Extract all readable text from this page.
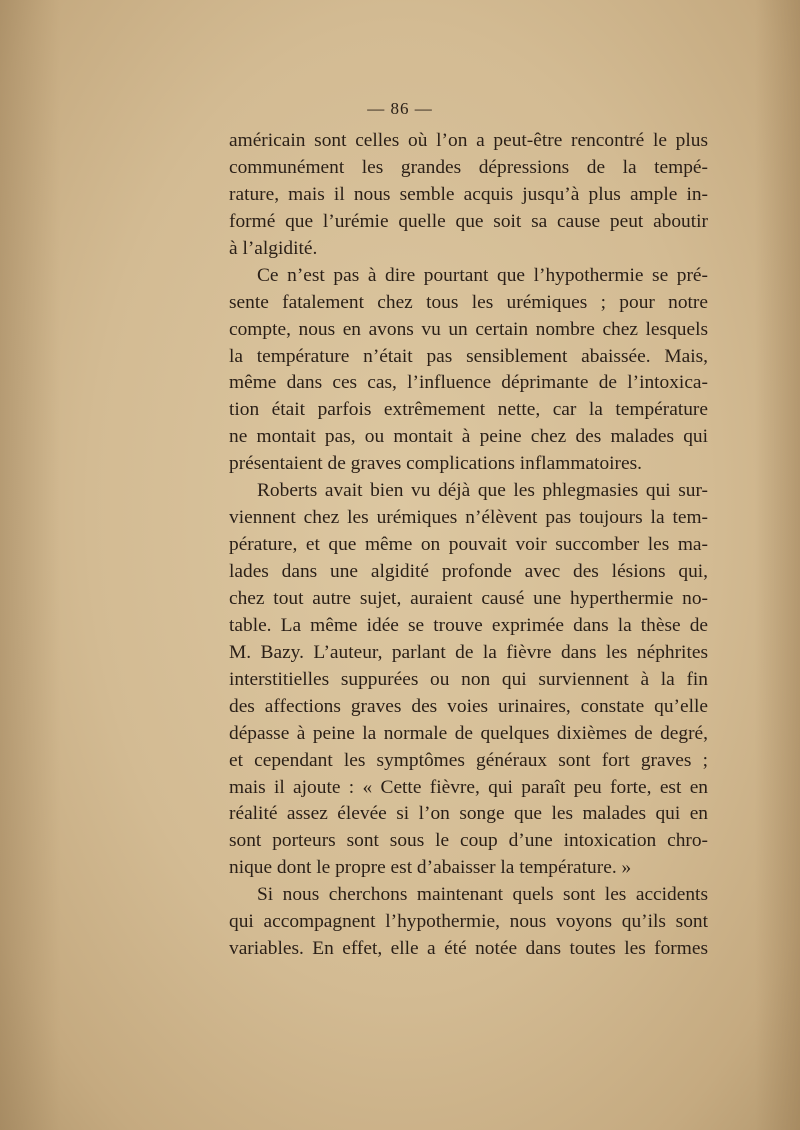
— 86 —
américain sont celles où l’on a peut-être rencontré le plus
communément les grandes dépressions de la tempé-
rature, mais il nous semble acquis jusqu’à plus ample in-
formé que l’urémie quelle que soit sa cause peut aboutir
à l’algidité.
Ce n’est pas à dire pourtant que l’hypothermie se pré-
sente fatalement chez tous les urémiques ; pour notre
compte, nous en avons vu un certain nombre chez lesquels
la température n’était pas sensiblement abaissée. Mais,
même dans ces cas, l’influence déprimante de l’intoxica-
tion était parfois extrêmement nette, car la température
ne montait pas, ou montait à peine chez des malades qui
présentaient de graves complications inflammatoires.
Roberts avait bien vu déjà que les phlegmasies qui sur-
viennent chez les urémiques n’élèvent pas toujours la tem-
pérature, et que même on pouvait voir succomber les ma-
lades dans une algidité profonde avec des lésions qui,
chez tout autre sujet, auraient causé une hyperthermie no-
table. La même idée se trouve exprimée dans la thèse de
M. Bazy. L’auteur, parlant de la fièvre dans les néphrites
interstitielles suppurées ou non qui surviennent à la fin
des affections graves des voies urinaires, constate qu’elle
dépasse à peine la normale de quelques dixièmes de degré,
et cependant les symptômes généraux sont fort graves ;
mais il ajoute : « Cette fièvre, qui paraît peu forte, est en
réalité assez élevée si l’on songe que les malades qui en
sont porteurs sont sous le coup d’une intoxication chro-
nique dont le propre est d’abaisser la température. »
Si nous cherchons maintenant quels sont les accidents
qui accompagnent l’hypothermie, nous voyons qu’ils sont
variables. En effet, elle a été notée dans toutes les formes
